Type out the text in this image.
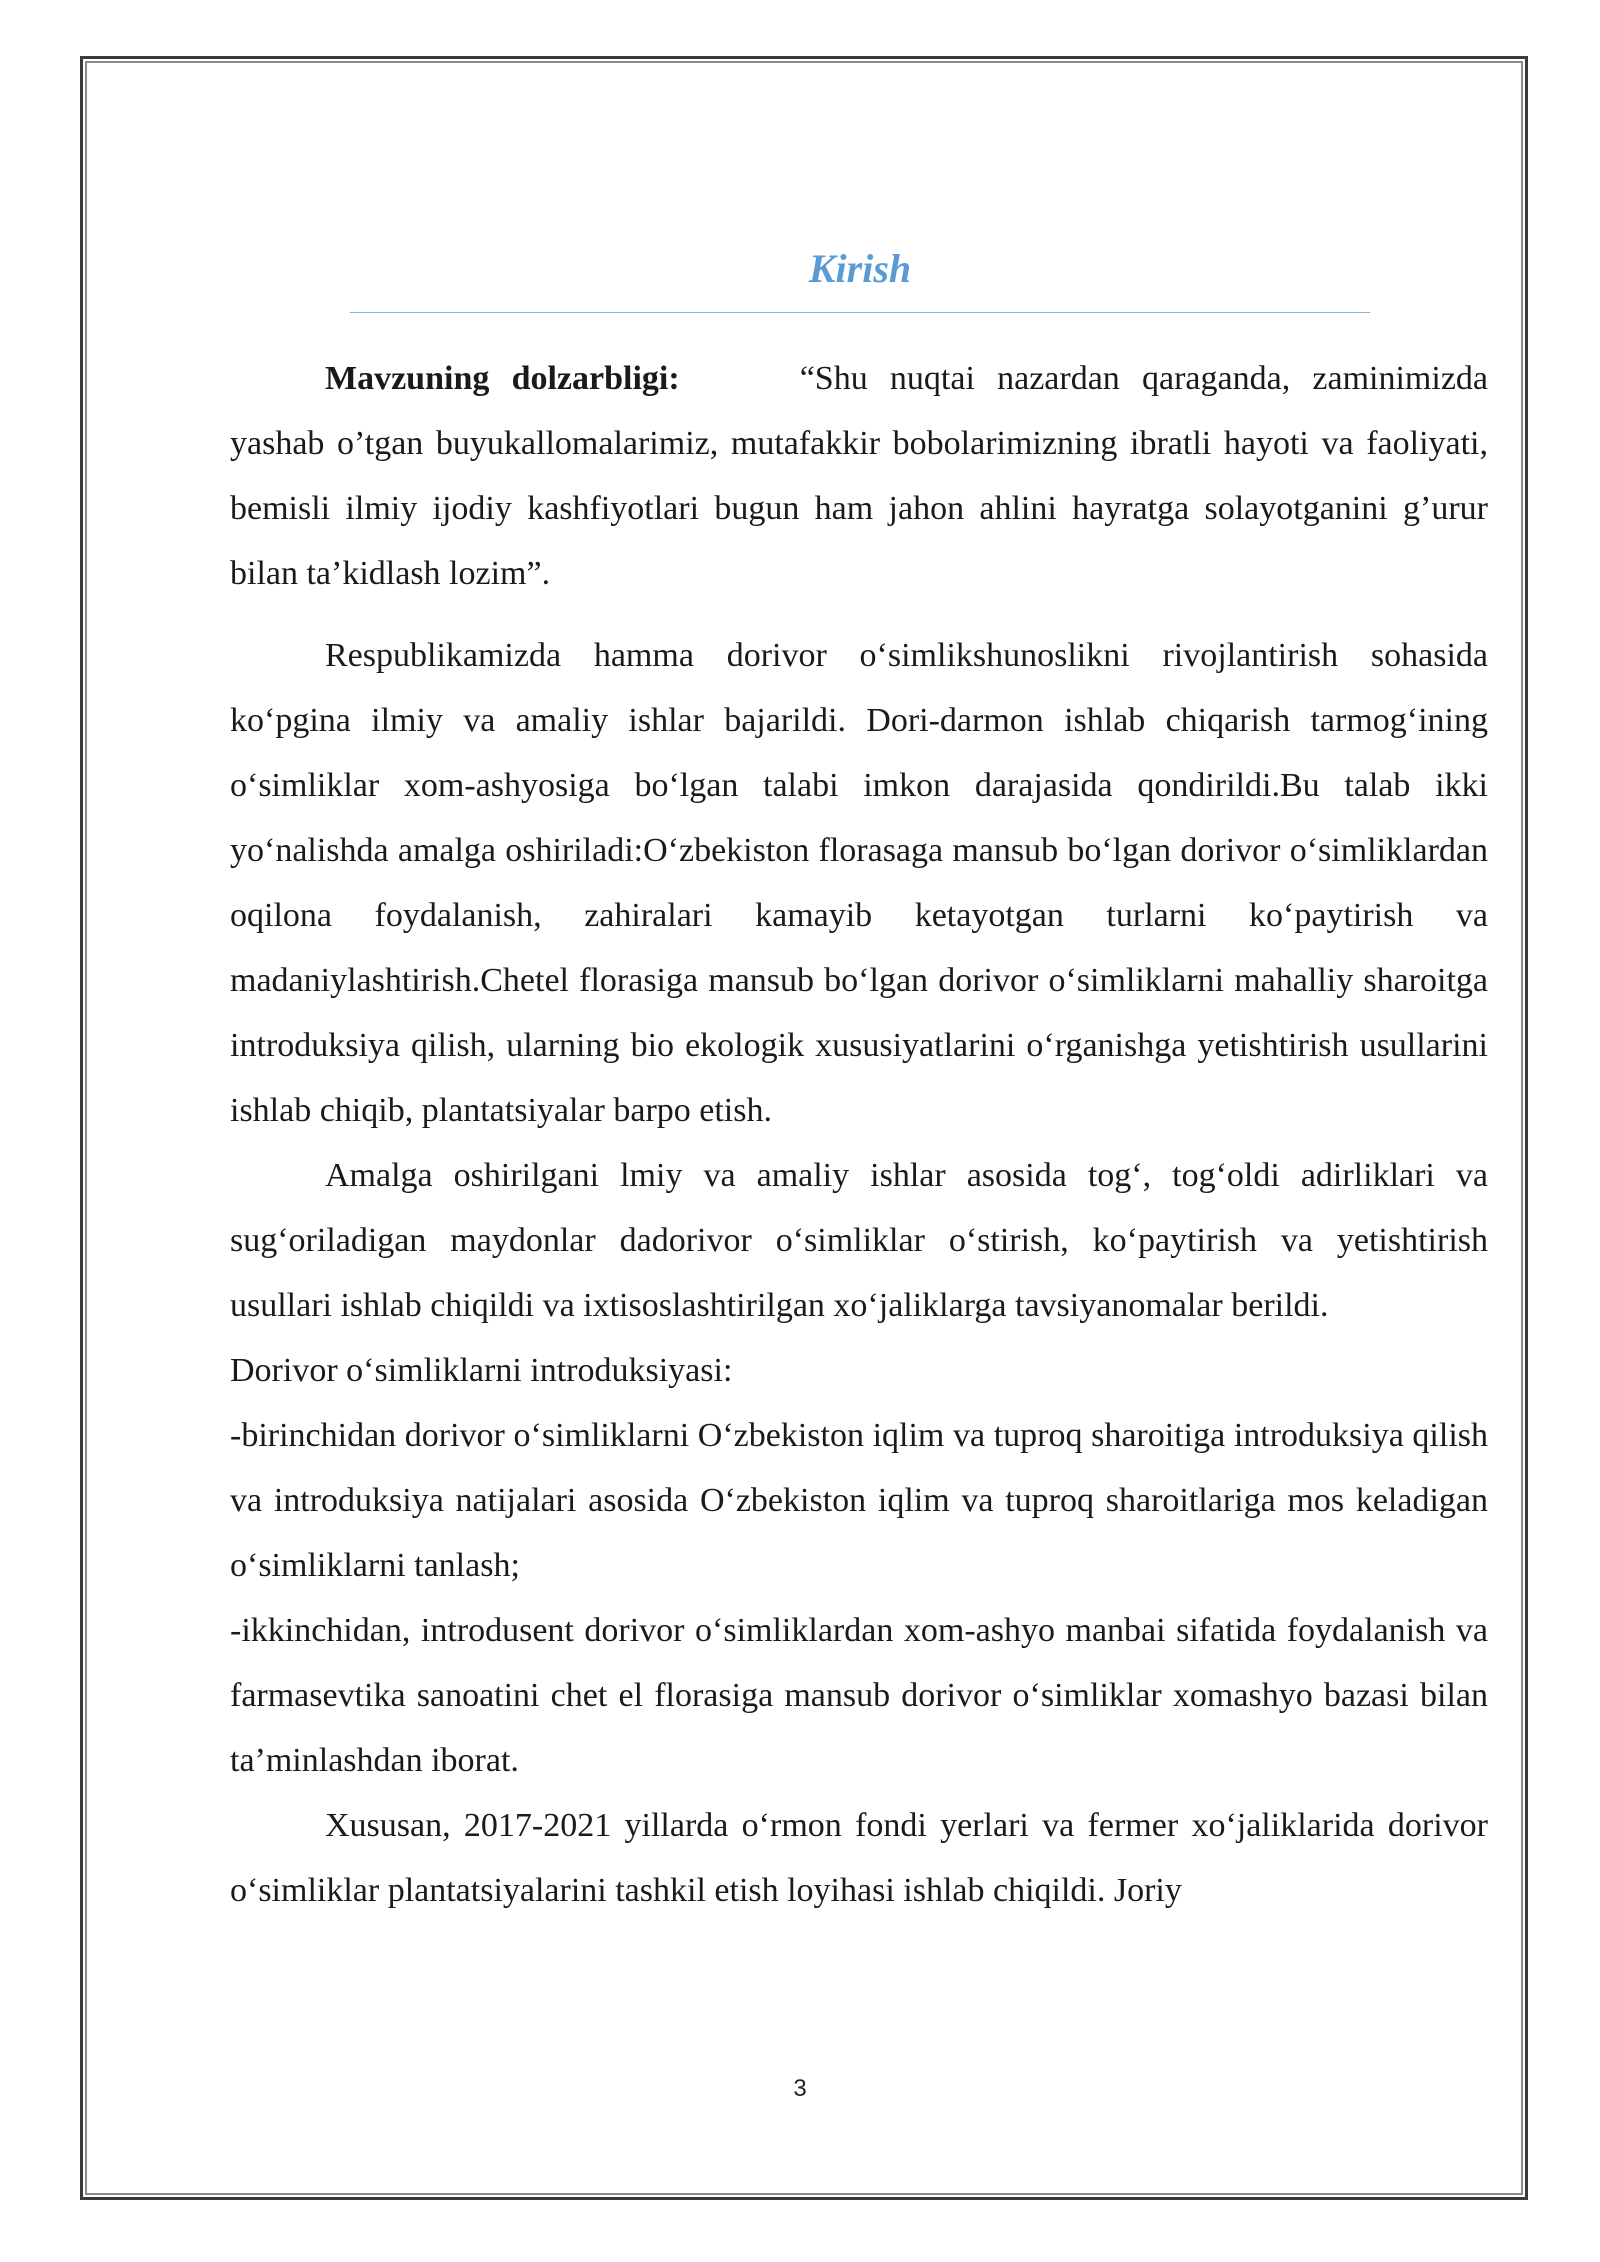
Kirish

Mavzuning dolzarbligi:	“Shu nuqtai nazardan qaraganda, zaminimizda yashab o’tgan buyukallomalarimiz, mutafakkir bobolarimizning ibratli hayoti va faoliyati, bemisli ilmiy ijodiy kashfiyotlari bugun ham jahon ahlini hayratga solayotganini g’urur bilan ta’kidlash lozim”.

Respublikamizda hamma dorivor o‘simlikshunoslikni rivojlantirish sohasida ko‘pgina ilmiy va amaliy ishlar bajarildi. Dori-darmon ishlab chiqarish tarmog‘ining o‘simliklar xom-ashyosiga bo‘lgan talabi imkon darajasida qondirildi.Bu talab ikki yo‘nalishda amalga oshiriladi:O‘zbekiston florasaga mansub bo‘lgan dorivor o‘simliklardan oqilona foydalanish, zahiralari kamayib ketayotgan turlarni ko‘paytirish va madaniylashtirish.Chetel florasiga mansub bo‘lgan dorivor o‘simliklarni mahalliy sharoitga introduksiya qilish, ularning bio ekologik xususiyatlarini o‘rganishga yetishtirish usullarini ishlab chiqib, plantatsiyalar barpo etish.

Amalga oshirilgani lmiy va amaliy ishlar asosida tog‘, tog‘oldi adirliklari va sug‘oriladigan maydonlar dadorivor o‘simliklar o‘stirish, ko‘paytirish va yetishtirish usullari ishlab chiqildi va ixtisoslashtirilgan xo‘jaliklarga tavsiyanomalar berildi.

Dorivor o‘simliklarni introduksiyasi:

-birinchidan dorivor o‘simliklarni O‘zbekiston iqlim va tuproq sharoitiga introduksiya qilish va introduksiya natijalari asosida O‘zbekiston iqlim va tuproq sharoitlariga mos keladigan o‘simliklarni tanlash;

-ikkinchidan, introdusent dorivor o‘simliklardan xom-ashyo manbai sifatida foydalanish va farmasevtika sanoatini chet el florasiga mansub dorivor o‘simliklar xomashyo bazasi bilan ta’minlashdan iborat.

Xususan, 2017-2021 yillarda o‘rmon fondi yerlari va fermer xo‘jaliklarida dorivor o‘simliklar plantatsiyalarini tashkil etish loyihasi ishlab chiqildi. Joriy

3
